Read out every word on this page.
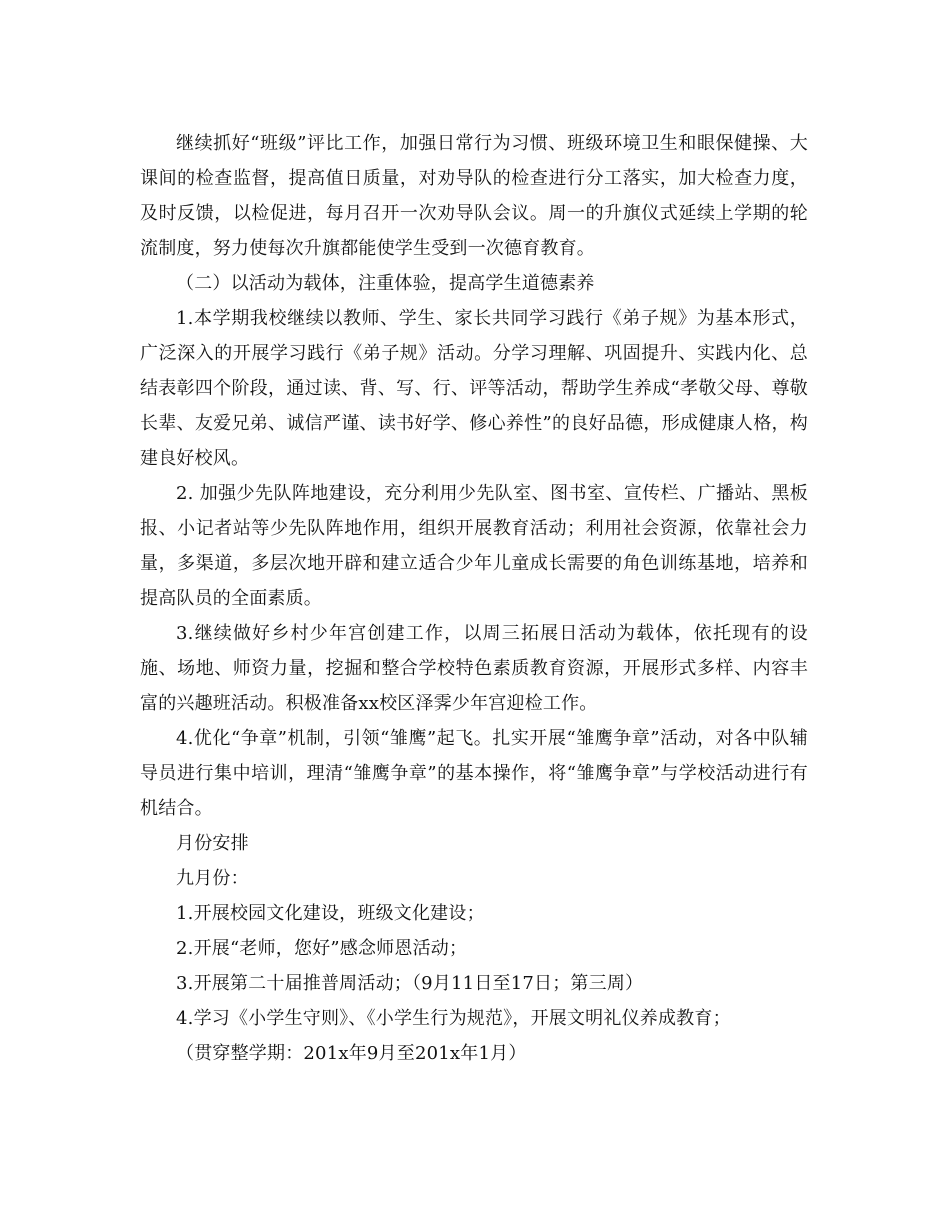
继续抓好“班级”评比工作，加强日常行为习惯、班级环境卫生和眼保健操、大课间的检查监督，提高值日质量，对劝导队的检查进行分工落实，加大检查力度，及时反馈，以检促进，每月召开一次劝导队会议。周一的升旗仪式延续上学期的轮流制度，努力使每次升旗都能使学生受到一次德育教育。

（二）以活动为载体，注重体验，提高学生道德素养

1.本学期我校继续以教师、学生、家长共同学习践行《弟子规》为基本形式，广泛深入的开展学习践行《弟子规》活动。分学习理解、巩固提升、实践内化、总结表彰四个阶段，通过读、背、写、行、评等活动，帮助学生养成“孝敬父母、尊敬长辈、友爱兄弟、诚信严谨、读书好学、修心养性”的良好品德，形成健康人格，构建良好校风。

2. 加强少先队阵地建设，充分利用少先队室、图书室、宣传栏、广播站、黑板报、小记者站等少先队阵地作用，组织开展教育活动；利用社会资源，依靠社会力量，多渠道，多层次地开辟和建立适合少年儿童成长需要的角色训练基地，培养和提高队员的全面素质。

3.继续做好乡村少年宫创建工作，以周三拓展日活动为载体，依托现有的设施、场地、师资力量，挖掘和整合学校特色素质教育资源，开展形式多样、内容丰富的兴趣班活动。积极准备xx校区泽霁少年宫迎检工作。

4.优化“争章”机制，引领“雏鹰”起飞。扎实开展“雏鹰争章”活动，对各中队辅导员进行集中培训，理清“雏鹰争章”的基本操作，将“雏鹰争章”与学校活动进行有机结合。

月份安排

九月份：

1.开展校园文化建设，班级文化建设；

2.开展“老师，您好”感念师恩活动；

3.开展第二十届推普周活动；（9月11日至17日；第三周）

4.学习《小学生守则》、《小学生行为规范》，开展文明礼仪养成教育；

（贯穿整学期：201x年9月至201x年1月）
